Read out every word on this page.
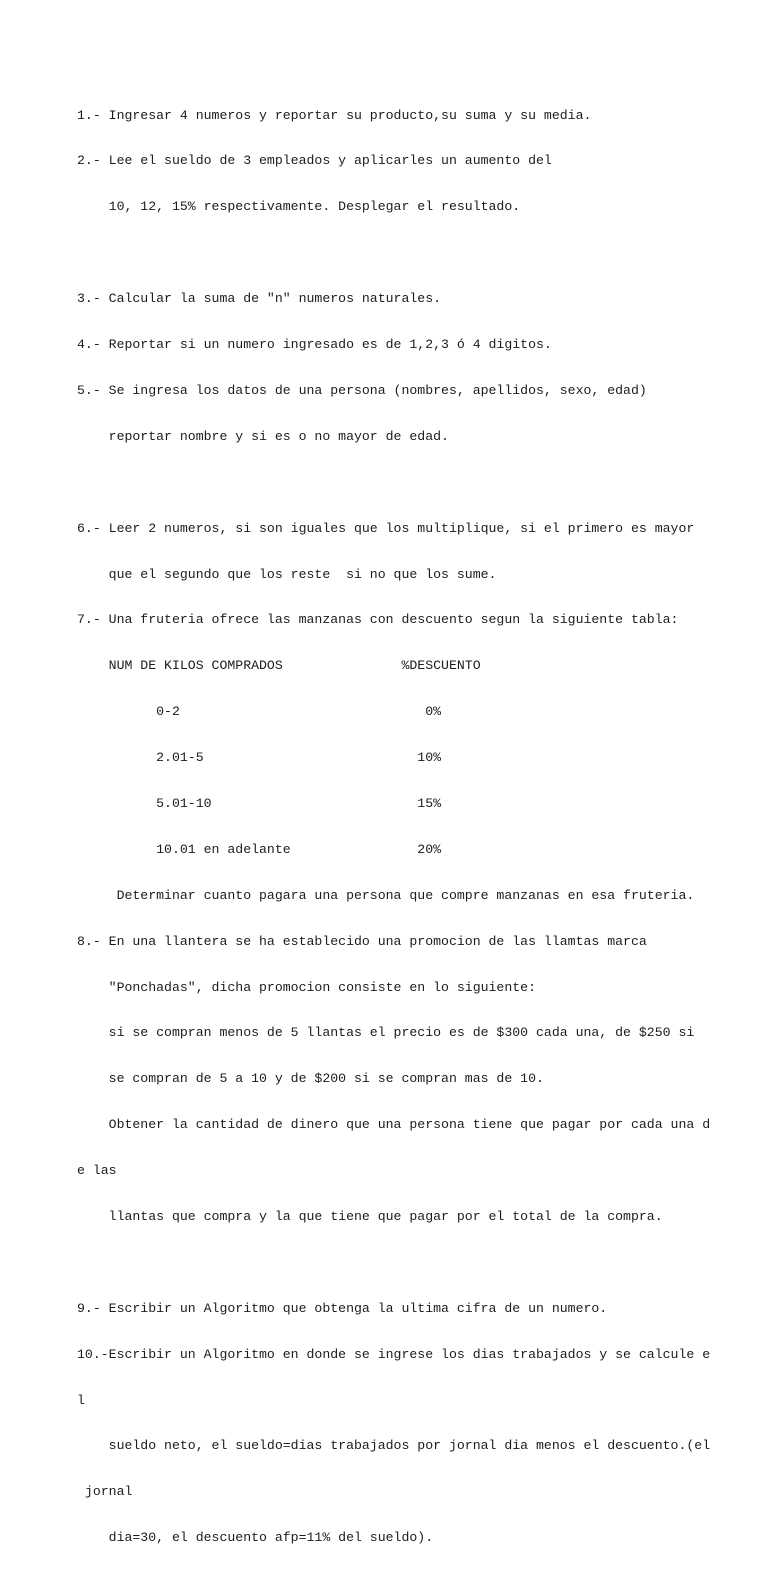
1.- Ingresar 4 numeros y reportar su producto,su suma y su media.

2.- Lee el sueldo de 3 empleados y aplicarles un aumento del

10, 12, 15% respectivamente. Desplegar el resultado.

3.- Calcular la suma de "n" numeros naturales.

4.- Reportar si un numero ingresado es de 1,2,3 ó 4 digitos.

5.- Se ingresa los datos de una persona (nombres, apellidos, sexo, edad)

reportar nombre y si es o no mayor de edad.

6.- Leer 2 numeros, si son iguales que los multiplique, si el primero es mayor

que el segundo que los reste  si no que los sume.

7.- Una fruteria ofrece las manzanas con descuento segun la siguiente tabla:

NUM DE KILOS COMPRADOS               %DESCUENTO

0-2                               0%

2.01-5                           10%

5.01-10                          15%

10.01 en adelante                20%

Determinar cuanto pagara una persona que compre manzanas en esa fruteria.

8.- En una llantera se ha establecido una promocion de las llamtas marca

"Ponchadas", dicha promocion consiste en lo siguiente:

si se compran menos de 5 llantas el precio es de $300 cada una, de $250 si

se compran de 5 a 10 y de $200 si se compran mas de 10.

Obtener la cantidad de dinero que una persona tiene que pagar por cada una d

e las

llantas que compra y la que tiene que pagar por el total de la compra.

9.- Escribir un Algoritmo que obtenga la ultima cifra de un numero.

10.-Escribir un Algoritmo en donde se ingrese los dias trabajados y se calcule e

l

sueldo neto, el sueldo=dias trabajados por jornal dia menos el descuento.(el

jornal

dia=30, el descuento afp=11% del sueldo).
